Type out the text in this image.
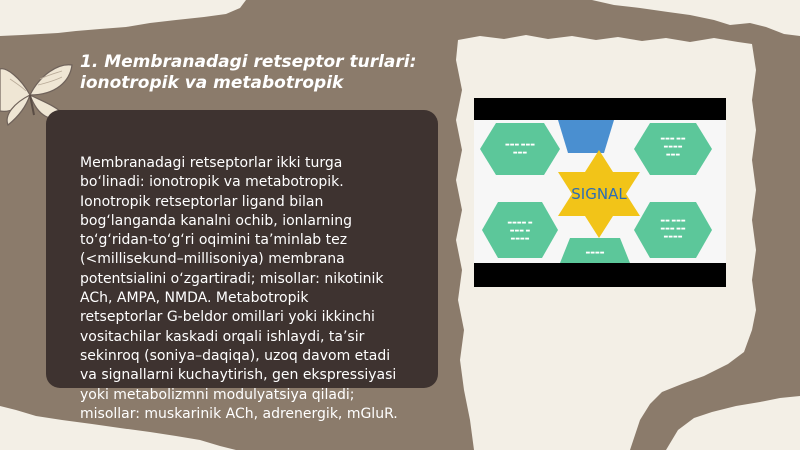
1. Membranadagi retseptor turlari:
ionotropik va metabotropik
Membranadagi retseptorlar ikki turga
bo‘linadi: ionotropik va metabotropik.
Ionotropik retseptorlar ligand bilan
bog‘langanda kanalni ochib, ionlarning
to‘g‘ridan-to‘g‘ri oqimini ta’minlab tez
(<millisekund–millisoniya) membrana
potentsialini o‘zgartiradi; misollar: nikotinik
ACh, AMPA, NMDA. Metabotropik
retseptorlar G-beldor omillari yoki ikkinchi
vositachilar kaskadi orqali ishlaydi, ta’sir
sekinroq (soniya–daqiqa), uzoq davom etadi
va signallarni kuchaytirish, gen ekspressiyasi
yoki metabolizmni modulyatsiya qiladi;
misollar: muskarinik ACh, adrenergik, mGluR.
▬▬▬ ▬▬▬
▬▬▬
▬▬▬ ▬▬
▬▬▬▬
▬▬▬
▬▬▬▬ ▬
▬▬▬ ▬
▬▬▬▬
▬▬ ▬▬▬
▬▬▬ ▬▬
▬▬▬▬
▬▬▬▬
SIGNAL
